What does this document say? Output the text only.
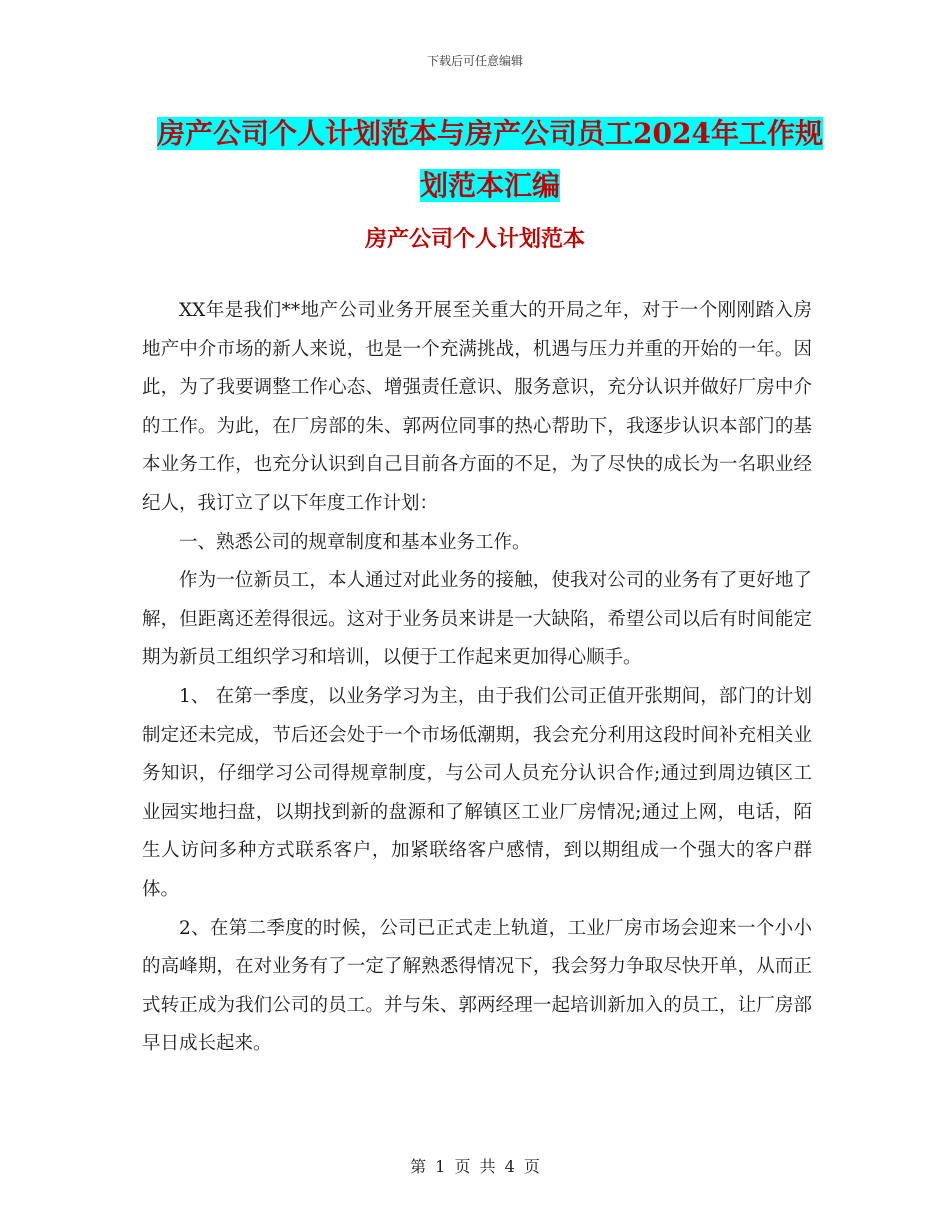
下载后可任意编辑
房产公司个人计划范本与房产公司员工2024年工作规
划范本汇编
房产公司个人计划范本

XX年是我们**地产公司业务开展至关重大的开局之年，对于一个刚刚踏入房地产中介市场的新人来说，也是一个充满挑战，机遇与压力并重的开始的一年。因此，为了我要调整工作心态、增强责任意识、服务意识，充分认识并做好厂房中介的工作。为此，在厂房部的朱、郭两位同事的热心帮助下，我逐步认识本部门的基本业务工作，也充分认识到自己目前各方面的不足，为了尽快的成长为一名职业经纪人，我订立了以下年度工作计划：

一、熟悉公司的规章制度和基本业务工作。

作为一位新员工，本人通过对此业务的接触，使我对公司的业务有了更好地了解，但距离还差得很远。这对于业务员来讲是一大缺陷，希望公司以后有时间能定期为新员工组织学习和培训，以便于工作起来更加得心顺手。

1、 在第一季度，以业务学习为主，由于我们公司正值开张期间，部门的计划制定还未完成，节后还会处于一个市场低潮期，我会充分利用这段时间补充相关业务知识，仔细学习公司得规章制度，与公司人员充分认识合作;通过到周边镇区工业园实地扫盘，以期找到新的盘源和了解镇区工业厂房情况;通过上网，电话，陌生人访问多种方式联系客户，加紧联络客户感情，到以期组成一个强大的客户群体。

2、在第二季度的时候，公司已正式走上轨道，工业厂房市场会迎来一个小小的高峰期，在对业务有了一定了解熟悉得情况下，我会努力争取尽快开单，从而正式转正成为我们公司的员工。并与朱、郭两经理一起培训新加入的员工，让厂房部早日成长起来。

第 1 页 共 4 页
